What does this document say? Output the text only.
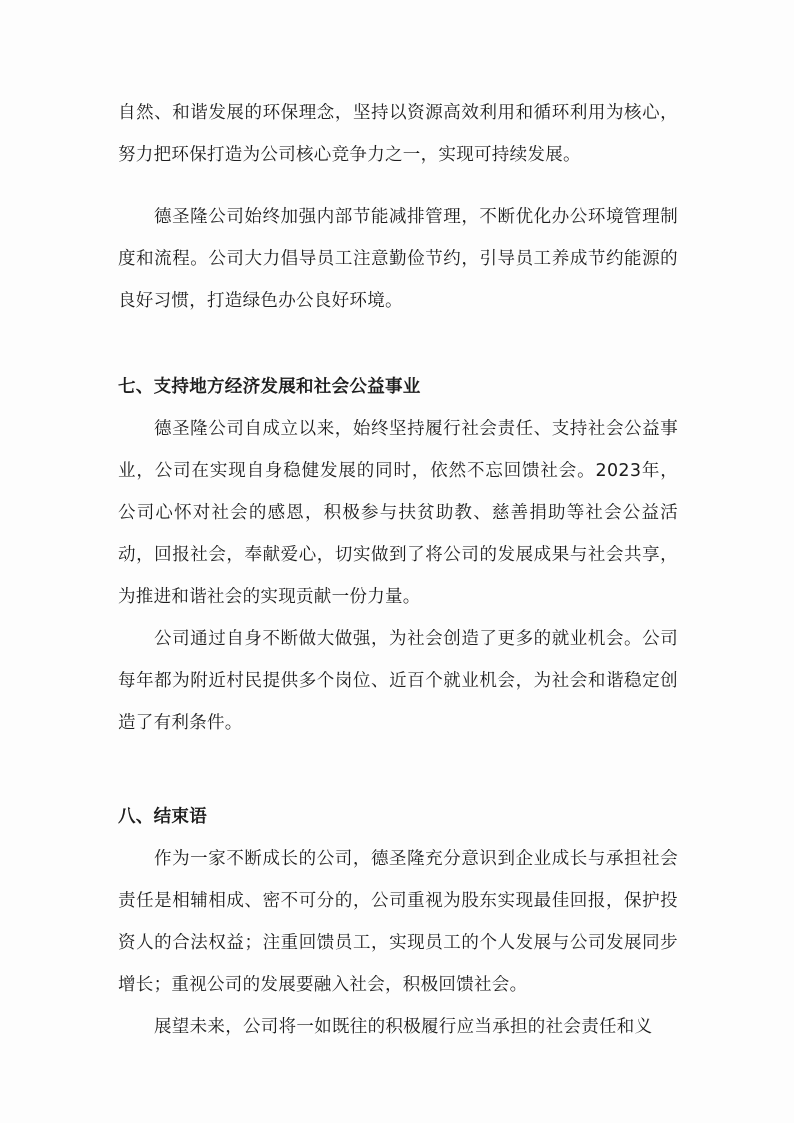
自然、和谐发展的环保理念，坚持以资源高效利用和循环利用为核心，努力把环保打造为公司核心竞争力之一，实现可持续发展。

德圣隆公司始终加强内部节能减排管理，不断优化办公环境管理制度和流程。公司大力倡导员工注意勤俭节约，引导员工养成节约能源的良好习惯，打造绿色办公良好环境。

七、支持地方经济发展和社会公益事业

德圣隆公司自成立以来，始终坚持履行社会责任、支持社会公益事业，公司在实现自身稳健发展的同时，依然不忘回馈社会。2023年，公司心怀对社会的感恩，积极参与扶贫助教、慈善捐助等社会公益活动，回报社会，奉献爱心，切实做到了将公司的发展成果与社会共享，为推进和谐社会的实现贡献一份力量。

公司通过自身不断做大做强，为社会创造了更多的就业机会。公司每年都为附近村民提供多个岗位、近百个就业机会，为社会和谐稳定创造了有利条件。

八、结束语

作为一家不断成长的公司，德圣隆充分意识到企业成长与承担社会责任是相辅相成、密不可分的，公司重视为股东实现最佳回报，保护投资人的合法权益；注重回馈员工，实现员工的个人发展与公司发展同步增长；重视公司的发展要融入社会，积极回馈社会。

展望未来，公司将一如既往的积极履行应当承担的社会责任和义
